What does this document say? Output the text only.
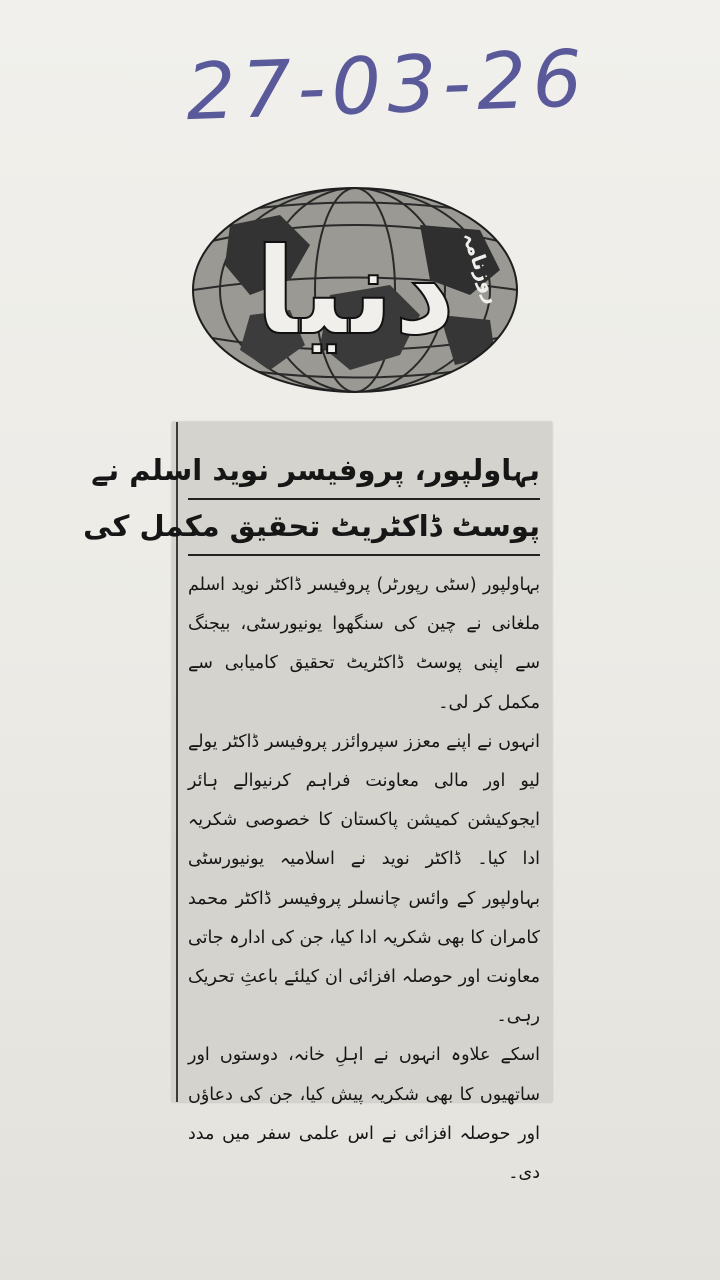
27-03-26
دنیا روزنامہ
بہاولپور، پروفیسر نوید اسلم نے
پوسٹ ڈاکٹریٹ تحقیق مکمل کی

بہاولپور (سٹی رپورٹر) پروفیسر ڈاکٹر نوید اسلم ملغانی نے چین کی سنگھوا یونیورسٹی، بیجنگ سے اپنی پوسٹ ڈاکٹریٹ تحقیق کامیابی سے مکمل کر لی۔

انہوں نے اپنے معزز سپروائزر پروفیسر ڈاکٹر یولے لیو اور مالی معاونت فراہم کرنیوالے ہائر ایجوکیشن کمیشن پاکستان کا خصوصی شکریہ ادا کیا۔ ڈاکٹر نوید نے اسلامیہ یونیورسٹی بہاولپور کے وائس چانسلر پروفیسر ڈاکٹر محمد کامران کا بھی شکریہ ادا کیا، جن کی ادارہ جاتی معاونت اور حوصلہ افزائی ان کیلئے باعثِ تحریک رہی۔

اسکے علاوہ انہوں نے اہلِ خانہ، دوستوں اور ساتھیوں کا بھی شکریہ پیش کیا، جن کی دعاؤں اور حوصلہ افزائی نے اس علمی سفر میں مدد دی۔
